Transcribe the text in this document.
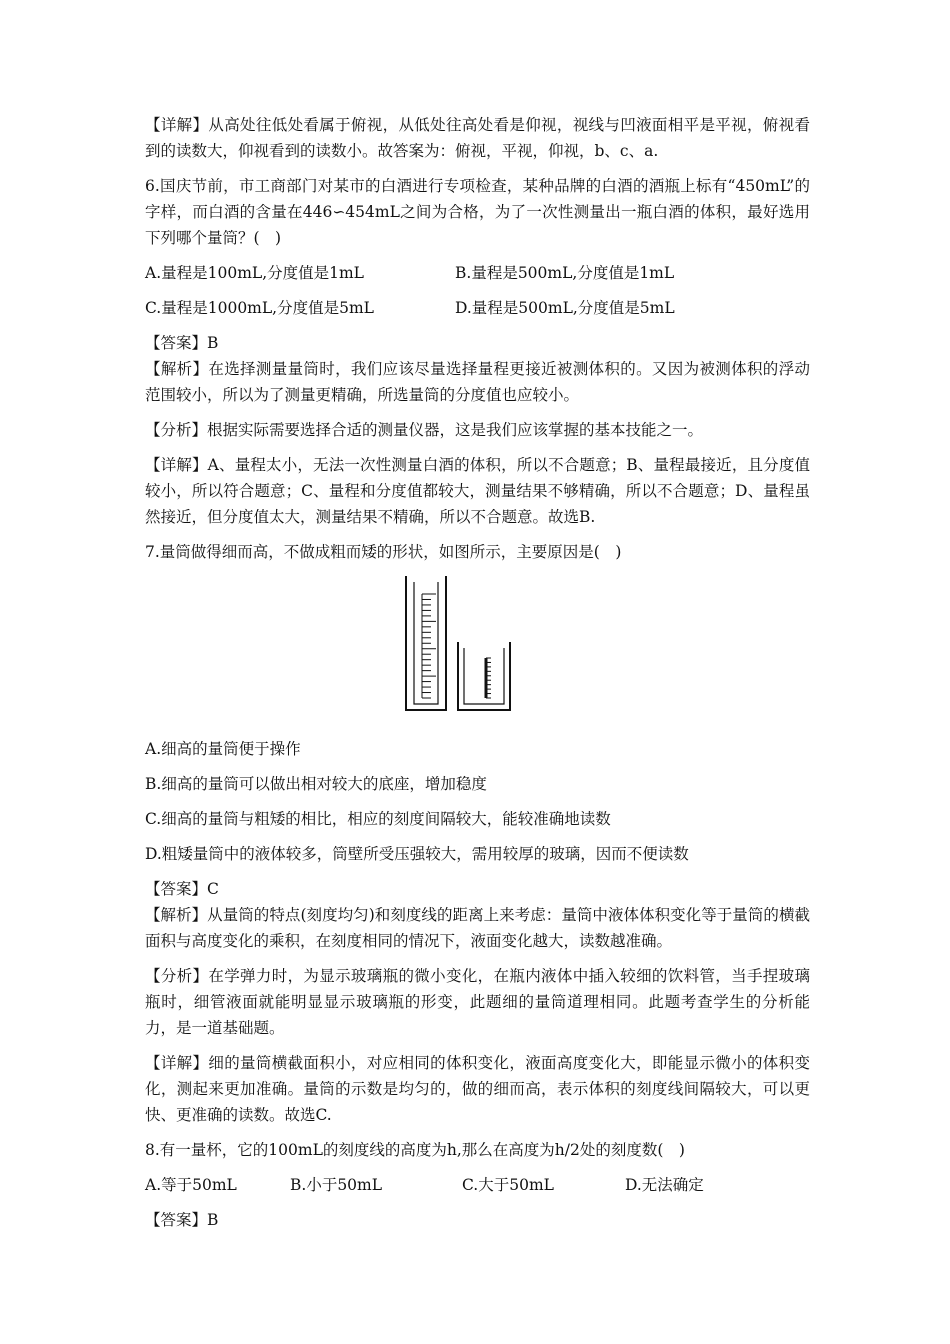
【详解】从高处往低处看属于俯视，从低处往高处看是仰视，视线与凹液面相平是平视，俯视看到的读数大，仰视看到的读数小。故答案为：俯视，平视，仰视，b、c、a.

6.国庆节前，市工商部门对某市的白酒进行专项检查，某种品牌的白酒的酒瓶上标有“450mL”的字样，而白酒的含量在446∽454mL之间为合格，为了一次性测量出一瓶白酒的体积，最好选用下列哪个量筒？(　)

A.量程是100mL,分度值是1mL	B.量程是500mL,分度值是1mL
C.量程是1000mL,分度值是5mL	D.量程是500mL,分度值是5mL

【答案】B

【解析】在选择测量量筒时，我们应该尽量选择量程更接近被测体积的。又因为被测体积的浮动范围较小，所以为了测量更精确，所选量筒的分度值也应较小。

【分析】根据实际需要选择合适的测量仪器，这是我们应该掌握的基本技能之一。

【详解】A、量程太小，无法一次性测量白酒的体积，所以不合题意；B、量程最接近，且分度值较小，所以符合题意；C、量程和分度值都较大，测量结果不够精确，所以不合题意；D、量程虽然接近，但分度值太大，测量结果不精确，所以不合题意。故选B.

7.量筒做得细而高，不做成粗而矮的形状，如图所示，主要原因是(　)

A.细高的量筒便于操作

B.细高的量筒可以做出相对较大的底座，增加稳度

C.细高的量筒与粗矮的相比，相应的刻度间隔较大，能较准确地读数

D.粗矮量筒中的液体较多，筒壁所受压强较大，需用较厚的玻璃，因而不便读数

【答案】C

【解析】从量筒的特点(刻度均匀)和刻度线的距离上来考虑：量筒中液体体积变化等于量筒的横截面积与高度变化的乘积，在刻度相同的情况下，液面变化越大，读数越准确。

【分析】在学弹力时，为显示玻璃瓶的微小变化，在瓶内液体中插入较细的饮料管，当手捏玻璃瓶时，细管液面就能明显显示玻璃瓶的形变，此题细的量筒道理相同。此题考查学生的分析能力，是一道基础题。

【详解】细的量筒横截面积小，对应相同的体积变化，液面高度变化大，即能显示微小的体积变化，测起来更加准确。量筒的示数是均匀的，做的细而高，表示体积的刻度线间隔较大，可以更快、更准确的读数。故选C.

8.有一量杯，它的100mL的刻度线的高度为h,那么在高度为h/2处的刻度数(　)

A.等于50mL	B.小于50mL	C.大于50mL	D.无法确定

【答案】B
